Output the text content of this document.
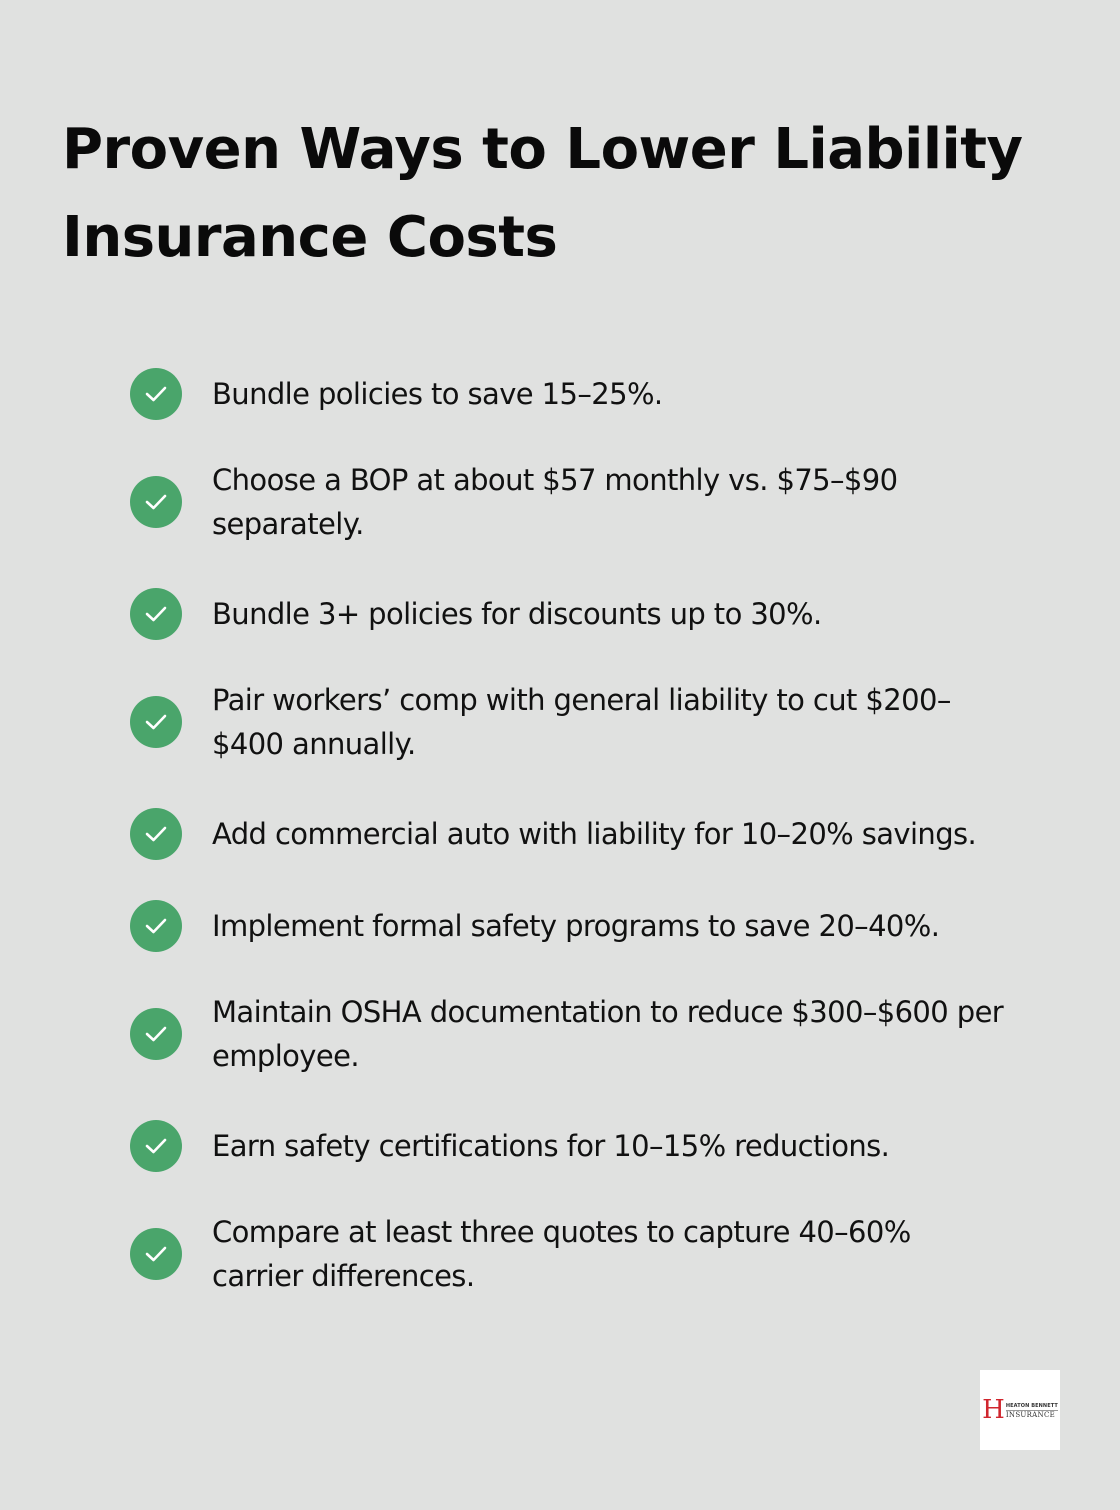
Proven Ways to Lower Liability Insurance Costs
Bundle policies to save 15–25%.
Choose a BOP at about $57 monthly vs. $75–$90 separately.
Bundle 3+ policies for discounts up to 30%.
Pair workers’ comp with general liability to cut $200–$400 annually.
Add commercial auto with liability for 10–20% savings.
Implement formal safety programs to save 20–40%.
Maintain OSHA documentation to reduce $300–$600 per employee.
Earn safety certifications for 10–15% reductions.
Compare at least three quotes to capture 40–60% carrier differences.
H HEATON BENNETT
INSURANCE
